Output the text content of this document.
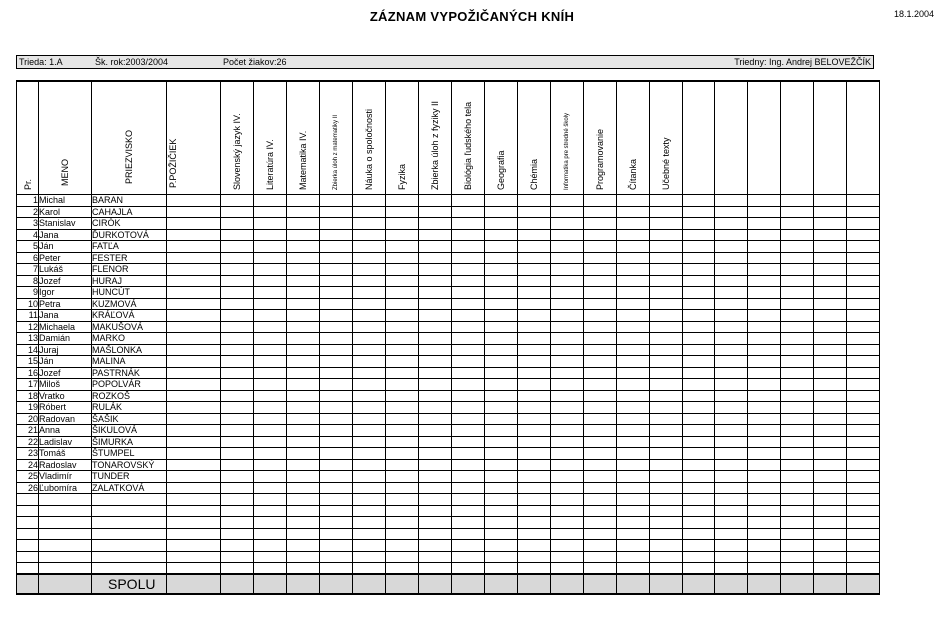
ZÁZNAM VYPOŽIČANÝCH KNÍH	18.1.2004
Trieda: 1.A	Šk. rok:2003/2004	Počet žiakov:26	Triedny: Ing. Andrej BELOVEŽČÍK
Pr.	MENO	PRIEZVISKO	P.POŽIČIEK	Slovenský jazyk IV.	Literatúra IV.	Matematika IV.	Zbierka úloh z matematiky II	Náuka o spoločnosti	Fyzika	Zbierka úloh z fyziky II	Biológia ľudského tela	Geografia	Chémia	Informatika pre stredné školy	Programovanie	Čítanka	Učebné texty						

1	Michal	BARAN																					
2	Karol	CAHAJLA																					
3	Stanislav	CIRÓK																					
4	Jana	ĎURKOTOVÁ																					
5	Ján	FATĽA																					
6	Peter	FESTER																					
7	Lukáš	FLENOR																					
8	Jozef	HURAJ																					
9	Igor	HUNCÚT																					
10	Petra	KUZMOVÁ																					
11	Jana	KRÁĽOVÁ																					
12	Michaela	MAKUŠOVÁ																					
13	Damián	MARKO																					
14	Juraj	MAŠLONKA																					
15	Ján	MALINA																					
16	Jozef	PASTRNÁK																					
17	Miloš	POPOLVÁR																					
18	Vratko	ROZKOŠ																					
19	Róbert	RULÁK																					
20	Radovan	ŠAŠIK																					
21	Anna	ŠIKULOVÁ																					
22	Ladislav	ŠIMURKA																					
23	Tomáš	ŠTUMPEL																					
24	Radoslav	TONAROVSKÝ																					
25	Vladimír	TUNDER																					
26	Ľubomíra	ZALATKOVÁ																					

		SPOLU																					
